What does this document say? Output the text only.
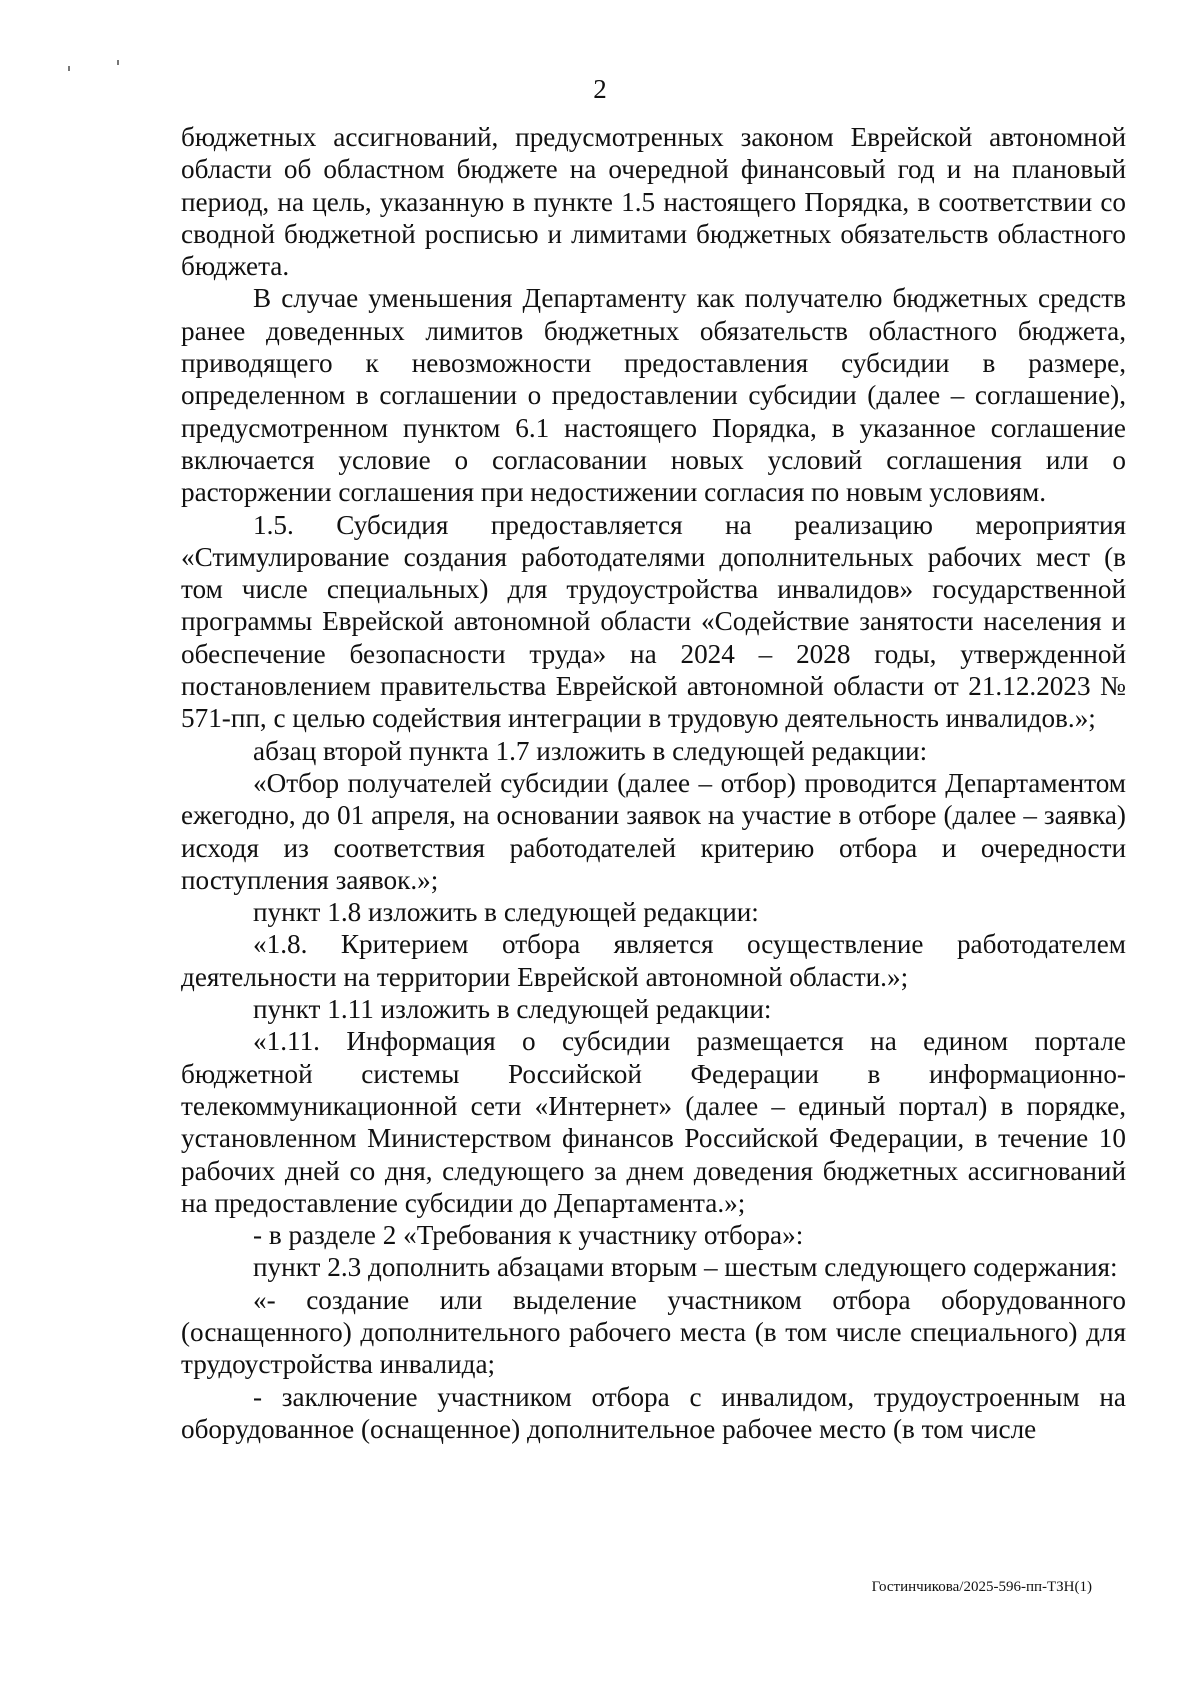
2

бюджетных ассигнований, предусмотренных законом Еврейской автономной области об областном бюджете на очередной финансовый год и на плановый период, на цель, указанную в пункте 1.5 настоящего Порядка, в соответствии со сводной бюджетной росписью и лимитами бюджетных обязательств областного бюджета.

В случае уменьшения Департаменту как получателю бюджетных средств ранее доведенных лимитов бюджетных обязательств областного бюджета, приводящего к невозможности предоставления субсидии в размере, определенном в соглашении о предоставлении субсидии (далее – соглашение), предусмотренном пунктом 6.1 настоящего Порядка, в указанное соглашение включается условие о согласовании новых условий соглашения или о расторжении соглашения при недостижении согласия по новым условиям.

1.5. Субсидия предоставляется на реализацию мероприятия «Стимулирование создания работодателями дополнительных рабочих мест (в том числе специальных) для трудоустройства инвалидов» государственной программы Еврейской автономной области «Содействие занятости населения и обеспечение безопасности труда» на 2024 – 2028 годы, утвержденной постановлением правительства Еврейской автономной области от 21.12.2023 № 571-пп, с целью содействия интеграции в трудовую деятельность инвалидов.»;

абзац второй пункта 1.7 изложить в следующей редакции:

«Отбор получателей субсидии (далее – отбор) проводится Департаментом ежегодно, до 01 апреля, на основании заявок на участие в отборе (далее – заявка) исходя из соответствия работодателей критерию отбора и очередности поступления заявок.»;

пункт 1.8 изложить в следующей редакции:

«1.8. Критерием отбора является осуществление работодателем деятельности на территории Еврейской автономной области.»;

пункт 1.11 изложить в следующей редакции:

«1.11. Информация о субсидии размещается на едином портале бюджетной системы Российской Федерации в информационно-телекоммуникационной сети «Интернет» (далее – единый портал) в порядке, установленном Министерством финансов Российской Федерации, в течение 10 рабочих дней со дня, следующего за днем доведения бюджетных ассигнований на предоставление субсидии до Департамента.»;

- в разделе 2 «Требования к участнику отбора»:

пункт 2.3 дополнить абзацами вторым – шестым следующего содержания:

«- создание или выделение участником отбора оборудованного (оснащенного) дополнительного рабочего места (в том числе специального) для трудоустройства инвалида;

- заключение участником отбора с инвалидом, трудоустроенным на оборудованное (оснащенное) дополнительное рабочее место (в том числе

Гостинчикова/2025-596-пп-ТЗН(1)
